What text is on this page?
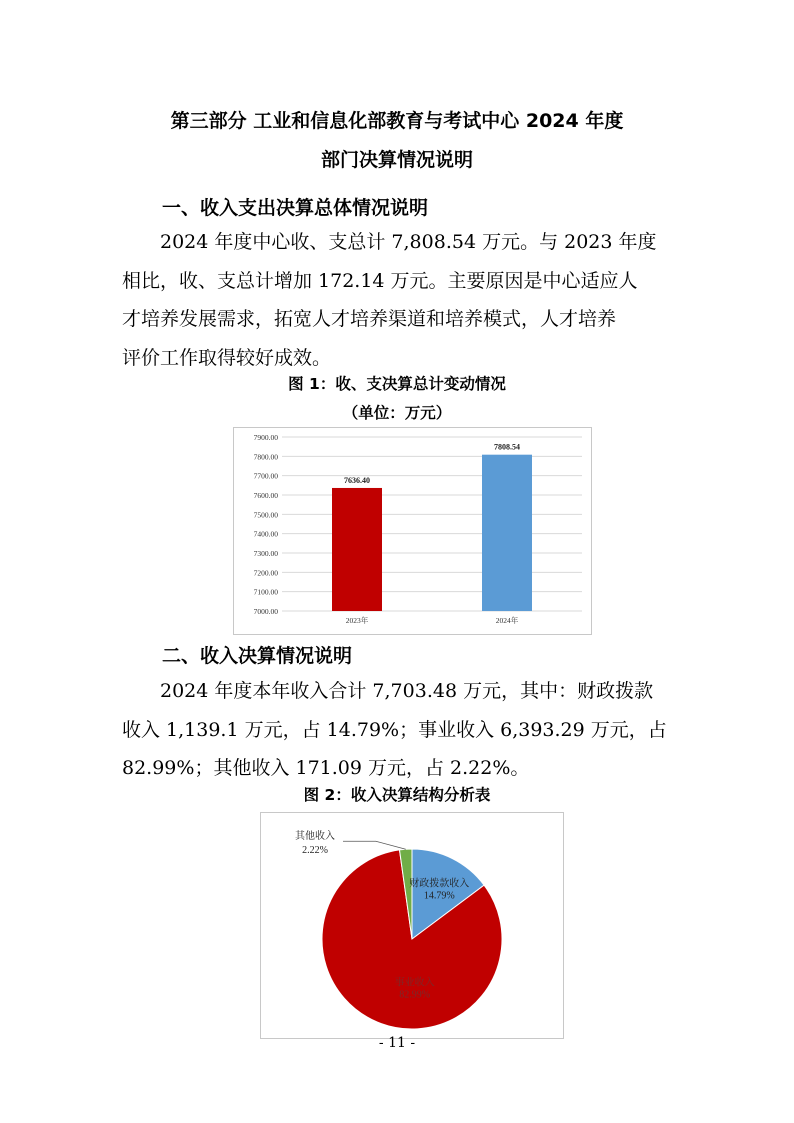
第三部分 工业和信息化部教育与考试中心 2024 年度
部门决算情况说明
一、收入支出决算总体情况说明
　　2024 年度中心收、支总计 7,808.54 万元。与 2023 年度
相比，收、支总计增加 172.14 万元。主要原因是中心适应人
才培养发展需求，拓宽人才培养渠道和培养模式，人才培养
评价工作取得较好成效。
图 1：收、支决算总计变动情况
（单位：万元）
7000.00
7100.00
7200.00
7300.00
7400.00
7500.00
7600.00
7700.00
7800.00
7900.00
7636.40
2023年
7808.54
2024年
二、收入决算情况说明
　　2024 年度本年收入合计 7,703.48 万元，其中：财政拨款
收入 1,139.1 万元，占 14.79%；事业收入 6,393.29 万元，占
82.99%；其他收入 171.09 万元，占 2.22%。
图 2：收入决算结构分析表
财政拨款收入
14.79%
事业收入
82.99%
其他收入
2.22%
- 11 -
